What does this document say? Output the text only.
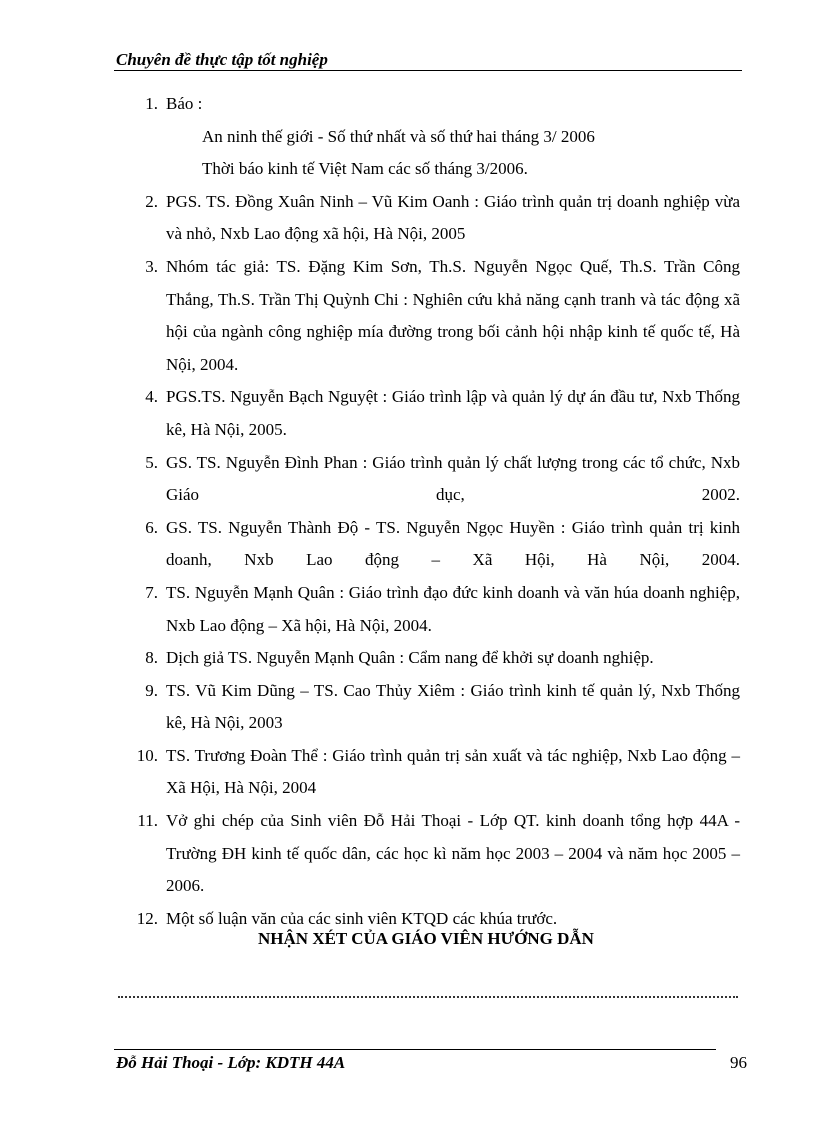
Chuyên đề thực tập tốt nghiệp
1. Báo :
An ninh thế giới - Số thứ nhất và số thứ hai tháng 3/ 2006
Thời báo kinh tế Việt Nam các số tháng 3/2006.
2. PGS. TS. Đồng Xuân Ninh – Vũ Kim Oanh : Giáo trình quản trị doanh nghiệp vừa và nhỏ, Nxb Lao động xã hội, Hà Nội, 2005
3. Nhóm tác giả: TS. Đặng Kim Sơn, Th.S. Nguyễn Ngọc Quế, Th.S. Trần Công Thắng, Th.S. Trần Thị Quỳnh Chi : Nghiên cứu khả năng cạnh tranh và tác động xã hội của ngành công nghiệp mía đường trong bối cảnh hội nhập kinh tế quốc tế, Hà Nội, 2004.
4. PGS.TS. Nguyễn Bạch Nguyệt : Giáo trình lập và quản lý dự án đầu tư, Nxb Thống kê, Hà Nội, 2005.
5. GS. TS. Nguyễn Đình Phan : Giáo trình quản lý chất lượng trong các tổ chức, Nxb Giáo dục, 2002.
6. GS. TS. Nguyễn Thành Độ - TS. Nguyễn Ngọc Huyền : Giáo trình quản trị kinh doanh, Nxb Lao động – Xã Hội, Hà Nội, 2004.
7. TS. Nguyễn Mạnh Quân : Giáo trình đạo đức kinh doanh và văn húa doanh nghiệp, Nxb Lao động – Xã hội, Hà Nội, 2004.
8. Dịch giả TS. Nguyễn Mạnh Quân : Cẩm nang để khởi sự doanh nghiệp.
9. TS. Vũ Kim Dũng – TS. Cao Thủy Xiêm : Giáo trình kinh tế quản lý, Nxb Thống kê, Hà Nội, 2003
10. TS. Trương Đoàn Thể : Giáo trình quản trị sản xuất và tác nghiệp, Nxb Lao động – Xã Hội, Hà Nội, 2004
11. Vở ghi chép của Sinh viên Đỗ Hải Thoại - Lớp QT. kinh doanh tổng hợp 44A - Trường ĐH kinh tế quốc dân, các học kì năm học 2003 – 2004 và năm học 2005 – 2006.
12. Một số luận văn của các sinh viên KTQD các khúa trước.
NHẬN XÉT CỦA GIÁO VIÊN HƯỚNG DẪN
Đỗ Hải Thoại - Lớp: KDTH 44A	96
